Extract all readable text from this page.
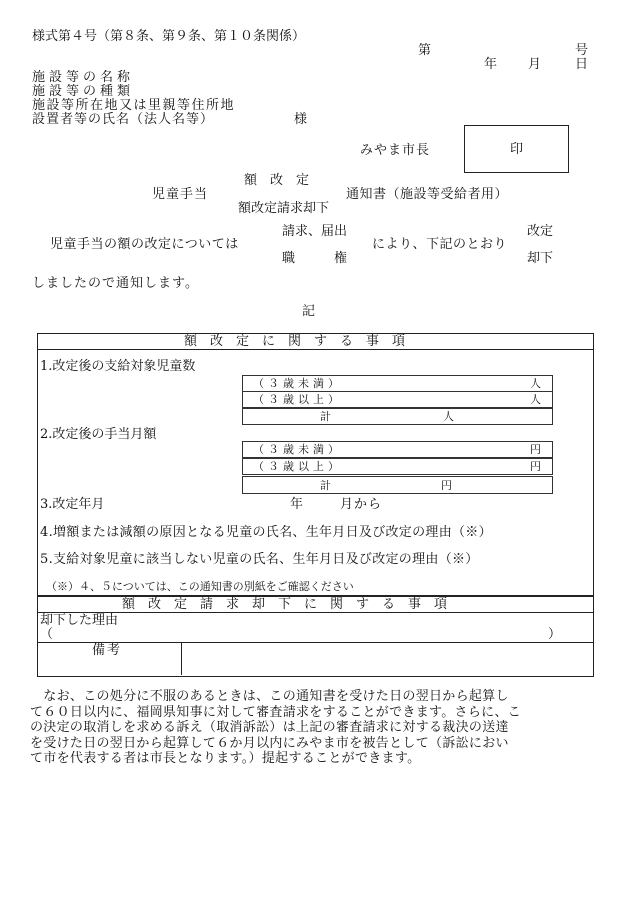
様式第４号（第８条、第９条、第１０条関係）
第	号
年 月	日
施設等の名称
施設等の種類
施設等所在地又は里親等住所地
設置者等の氏名（法人名等）	様
みやま市長	印
額　改　定
児童手当	通知書（施設等受給者用）
額改定請求却下
請求、届出	改定
児童手当の額の改定については	により、下記のとおり
職　　　権	却下
しましたので通知します。
記
額　改　定　に　関　す　る　事　項
1.改定後の支給対象児童数
（３歳未満）	人
（３歳以上）	人
計	人
2.改定後の手当月額
（３歳未満）	円
（３歳以上）	円
計	円
3.改定年月	年	月から
4.増額または減額の原因となる児童の氏名、生年月日及び改定の理由（※）
5.支給対象児童に該当しない児童の氏名、生年月日及び改定の理由（※）
（※）４、５については、この通知書の別紙をご確認ください
額　改　定　請　求　却　下　に　関　す　る　事　項
却下した理由
（	）
備考
　なお、この処分に不服のあるときは、この通知書を受けた日の翌日から起算し
て６０日以内に、福岡県知事に対して審査請求をすることができます。さらに、こ
の決定の取消しを求める訴え（取消訴訟）は上記の審査請求に対する裁決の送達
を受けた日の翌日から起算して６か月以内にみやま市を被告として（訴訟におい
て市を代表する者は市長となります。）提起することができます。
